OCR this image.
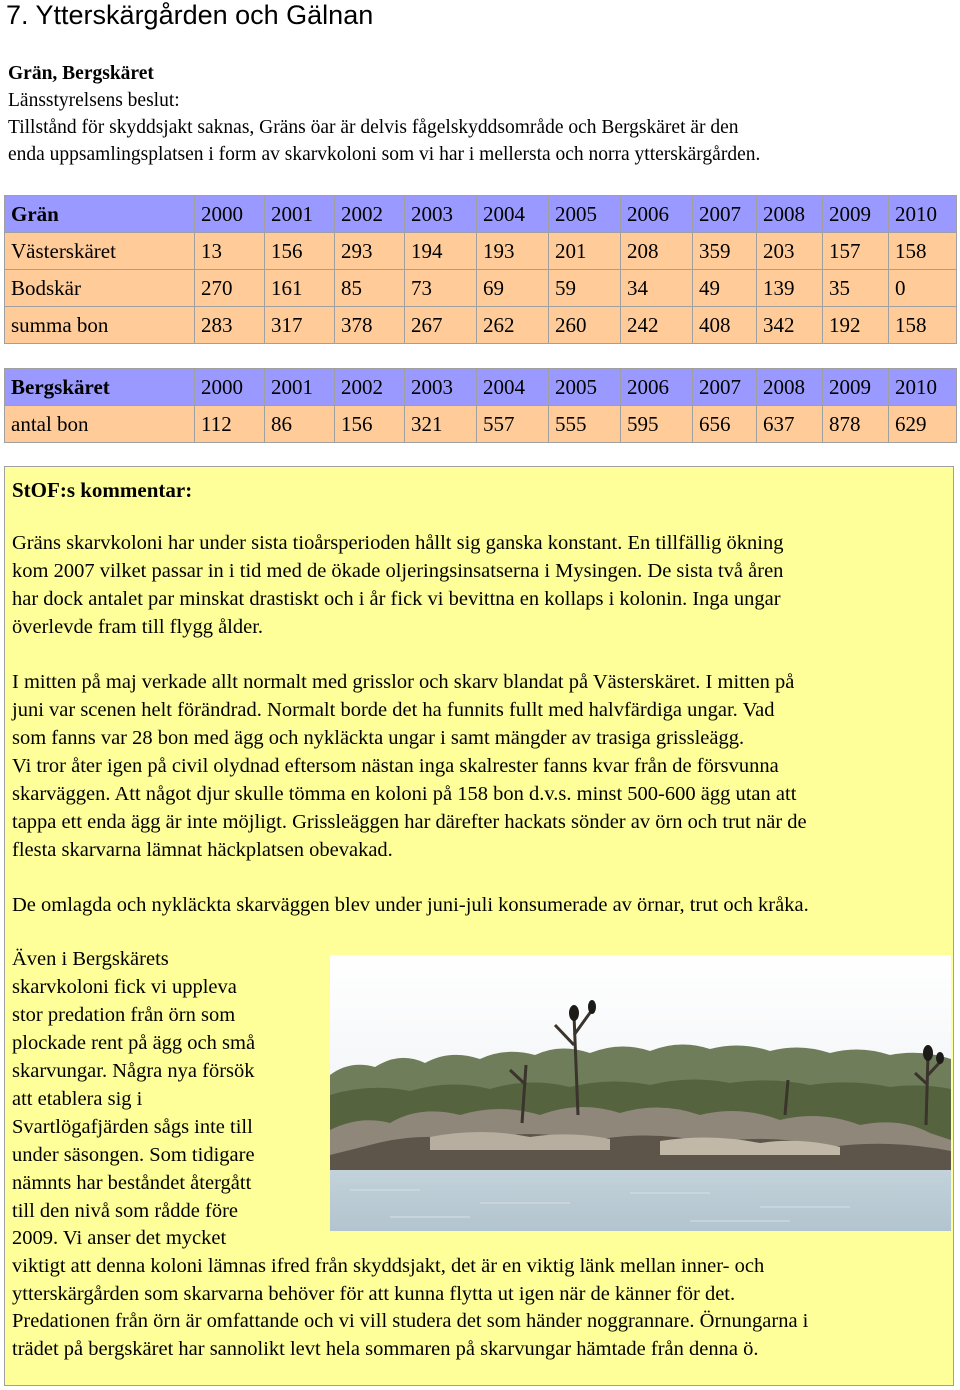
7. Ytterskärgården och Gälnan
Grän, Bergskäret
Länsstyrelsens beslut:
Tillstånd för skyddsjakt saknas, Gräns öar är delvis fågelskyddsområde och Bergskäret är den
enda uppsamlingsplatsen i form av skarvkoloni som vi har i mellersta och norra ytterskärgården.
Grän	2000	2001	2002	2003	2004	2005	2006	2007	2008	2009	2010
Västerskäret	13	156	293	194	193	201	208	359	203	157	158
Bodskär	270	161	85	73	69	59	34	49	139	35	0
summa bon	283	317	378	267	262	260	242	408	342	192	158
Bergskäret	2000	2001	2002	2003	2004	2005	2006	2007	2008	2009	2010
antal bon	112	86	156	321	557	555	595	656	637	878	629
StOF:s kommentar:
Gräns skarvkoloni har under sista tioårsperioden hållt sig ganska konstant. En tillfällig ökning
kom 2007 vilket passar in i tid med de ökade oljeringsinsatserna i Mysingen. De sista två åren
har dock antalet par minskat drastiskt och i år fick vi bevittna en kollaps i kolonin. Inga ungar
överlevde fram till flygg ålder.
I mitten på maj verkade allt normalt med grisslor och skarv blandat på Västerskäret. I mitten på
juni var scenen helt förändrad. Normalt borde det ha funnits fullt med halvfärdiga ungar. Vad
som fanns var 28 bon med ägg och nykläckta ungar i samt mängder av trasiga grissleägg.
Vi tror åter igen på civil olydnad eftersom nästan inga skalrester fanns kvar från de försvunna
skarväggen. Att något djur skulle tömma en koloni på 158 bon d.v.s. minst 500-600 ägg utan att
tappa ett enda ägg är inte möjligt. Grissleäggen har därefter hackats sönder av örn och trut när de
flesta skarvarna lämnat häckplatsen obevakad.
De omlagda och nykläckta skarväggen blev under juni-juli konsumerade av örnar, trut och kråka.
Även i Bergskärets
skarvkoloni fick vi uppleva
stor predation från örn som
plockade rent på ägg och små
skarvungar. Några nya försök
att etablera sig i
Svartlögafjärden sågs inte till
under säsongen. Som tidigare
nämnts har beståndet återgått
till den nivå som rådde före
2009. Vi anser det mycket
viktigt att denna koloni lämnas ifred från skyddsjakt, det är en viktig länk mellan inner- och
ytterskärgården som skarvarna behöver för att kunna flytta ut igen när de känner för det.
Predationen från örn är omfattande och vi vill studera det som händer noggrannare. Örnungarna i
trädet på bergskäret har sannolikt levt hela sommaren på skarvungar hämtade från denna ö.
